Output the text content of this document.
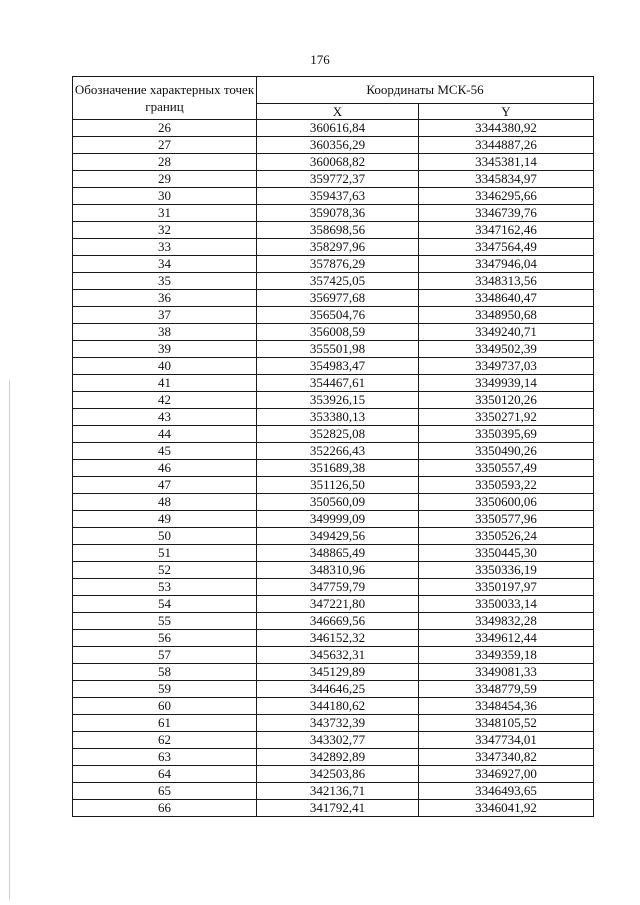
176
Обозначение характерных точек границ	Координаты МСК-56	
	X	Y
26	360616,84	3344380,92
27	360356,29	3344887,26
28	360068,82	3345381,14
29	359772,37	3345834,97
30	359437,63	3346295,66
31	359078,36	3346739,76
32	358698,56	3347162,46
33	358297,96	3347564,49
34	357876,29	3347946,04
35	357425,05	3348313,56
36	356977,68	3348640,47
37	356504,76	3348950,68
38	356008,59	3349240,71
39	355501,98	3349502,39
40	354983,47	3349737,03
41	354467,61	3349939,14
42	353926,15	3350120,26
43	353380,13	3350271,92
44	352825,08	3350395,69
45	352266,43	3350490,26
46	351689,38	3350557,49
47	351126,50	3350593,22
48	350560,09	3350600,06
49	349999,09	3350577,96
50	349429,56	3350526,24
51	348865,49	3350445,30
52	348310,96	3350336,19
53	347759,79	3350197,97
54	347221,80	3350033,14
55	346669,56	3349832,28
56	346152,32	3349612,44
57	345632,31	3349359,18
58	345129,89	3349081,33
59	344646,25	3348779,59
60	344180,62	3348454,36
61	343732,39	3348105,52
62	343302,77	3347734,01
63	342892,89	3347340,82
64	342503,86	3346927,00
65	342136,71	3346493,65
66	341792,41	3346041,92
